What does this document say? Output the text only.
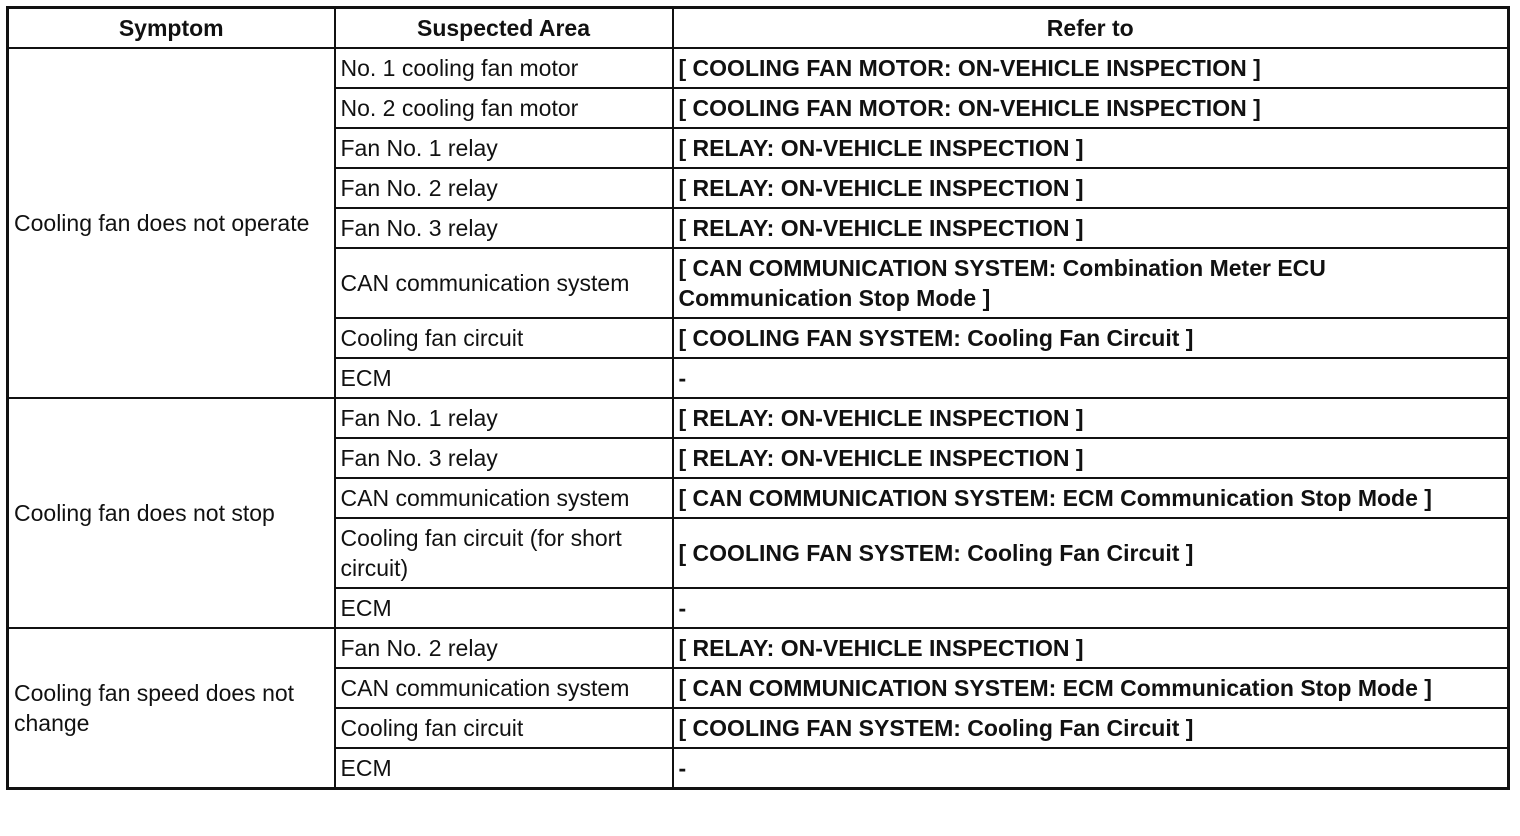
Symptom	Suspected Area	Refer to
Cooling fan does not operate	No. 1 cooling fan motor	[ COOLING FAN MOTOR: ON-VEHICLE INSPECTION ]
	No. 2 cooling fan motor	[ COOLING FAN MOTOR: ON-VEHICLE INSPECTION ]
	Fan No. 1 relay	[ RELAY: ON-VEHICLE INSPECTION ]
	Fan No. 2 relay	[ RELAY: ON-VEHICLE INSPECTION ]
	Fan No. 3 relay	[ RELAY: ON-VEHICLE INSPECTION ]
	CAN communication system	[ CAN COMMUNICATION SYSTEM: Combination Meter ECU Communication Stop Mode ]
	Cooling fan circuit	[ COOLING FAN SYSTEM: Cooling Fan Circuit ]
	ECM	-
Cooling fan does not stop	Fan No. 1 relay	[ RELAY: ON-VEHICLE INSPECTION ]
	Fan No. 3 relay	[ RELAY: ON-VEHICLE INSPECTION ]
	CAN communication system	[ CAN COMMUNICATION SYSTEM: ECM Communication Stop Mode ]
	Cooling fan circuit (for short circuit)	[ COOLING FAN SYSTEM: Cooling Fan Circuit ]
	ECM	-
Cooling fan speed does not change	Fan No. 2 relay	[ RELAY: ON-VEHICLE INSPECTION ]
	CAN communication system	[ CAN COMMUNICATION SYSTEM: ECM Communication Stop Mode ]
	Cooling fan circuit	[ COOLING FAN SYSTEM: Cooling Fan Circuit ]
	ECM	-
